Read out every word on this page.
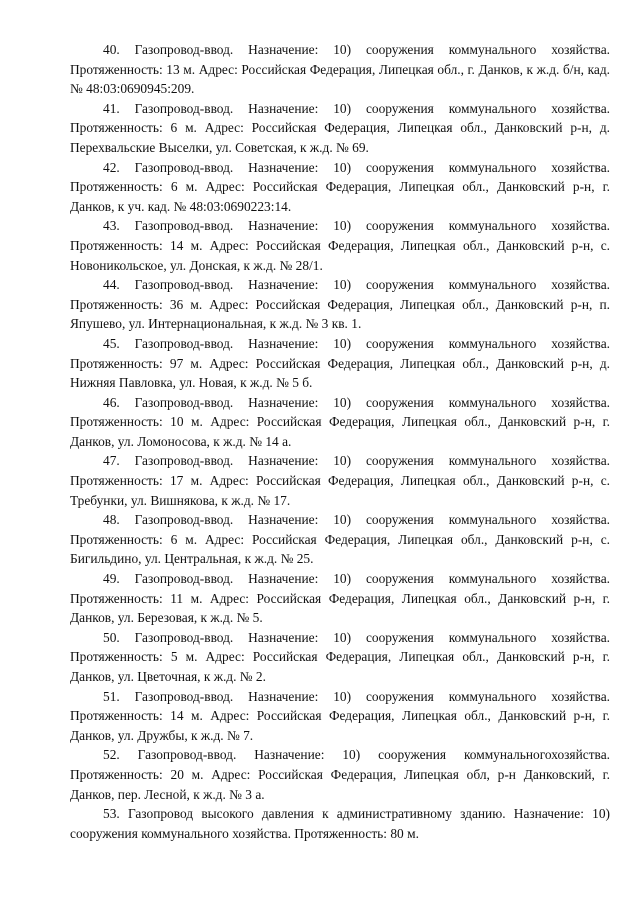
40. Газопровод-ввод. Назначение: 10) сооружения коммунального хозяйства. Протяженность: 13 м. Адрес: Российская Федерация, Липецкая обл., г. Данков, к ж.д. б/н, кад. № 48:03:0690945:209.

41. Газопровод-ввод. Назначение: 10) сооружения коммунального хозяйства. Протяженность: 6 м. Адрес: Российская Федерация, Липецкая обл., Данковский р-н, д. Перехвальские Выселки, ул. Советская, к ж.д. № 69.

42. Газопровод-ввод. Назначение: 10) сооружения коммунального хозяйства. Протяженность: 6 м. Адрес: Российская Федерация, Липецкая обл., Данковский р-н, г. Данков, к уч. кад. № 48:03:0690223:14.

43. Газопровод-ввод. Назначение: 10) сооружения коммунального хозяйства. Протяженность: 14 м. Адрес: Российская Федерация, Липецкая обл., Данковский р-н, с. Новоникольское, ул. Донская, к ж.д. № 28/1.

44. Газопровод-ввод. Назначение: 10) сооружения коммунального хозяйства. Протяженность: 36 м. Адрес: Российская Федерация, Липецкая обл., Данковский р-н, п. Япушево, ул. Интернациональная, к ж.д. № 3 кв. 1.

45. Газопровод-ввод. Назначение: 10) сооружения коммунального хозяйства. Протяженность: 97 м. Адрес: Российская Федерация, Липецкая обл., Данковский р-н, д. Нижняя Павловка, ул. Новая, к ж.д. № 5 б.

46. Газопровод-ввод. Назначение: 10) сооружения коммунального хозяйства. Протяженность: 10 м. Адрес: Российская Федерация, Липецкая обл., Данковский р-н, г. Данков, ул. Ломоносова, к ж.д. № 14 а.

47. Газопровод-ввод. Назначение: 10) сооружения коммунального хозяйства. Протяженность: 17 м. Адрес: Российская Федерация, Липецкая обл., Данковский р-н, с. Требунки, ул. Вишнякова, к ж.д. № 17.

48. Газопровод-ввод. Назначение: 10) сооружения коммунального хозяйства. Протяженность: 6 м. Адрес: Российская Федерация, Липецкая обл., Данковский р-н, с. Бигильдино, ул. Центральная, к ж.д. № 25.

49. Газопровод-ввод. Назначение: 10) сооружения коммунального хозяйства. Протяженность: 11 м. Адрес: Российская Федерация, Липецкая обл., Данковский р-н, г. Данков, ул. Березовая, к ж.д. № 5.

50. Газопровод-ввод. Назначение: 10) сооружения коммунального хозяйства. Протяженность: 5 м. Адрес: Российская Федерация, Липецкая обл., Данковский р-н, г. Данков, ул. Цветочная, к ж.д. № 2.

51. Газопровод-ввод. Назначение: 10) сооружения коммунального хозяйства. Протяженность: 14 м. Адрес: Российская Федерация, Липецкая обл., Данковский р-н, г. Данков, ул. Дружбы, к ж.д. № 7.

52. Газопровод-ввод. Назначение: 10) сооружения коммунальногохозяйства. Протяженность: 20 м. Адрес: Российская Федерация, Липецкая обл, р-н Данковский, г. Данков, пер. Лесной, к ж.д. № 3 а.

53. Газопровод высокого давления к административному зданию. Назначение: 10) сооружения коммунального хозяйства. Протяженность: 80 м.
